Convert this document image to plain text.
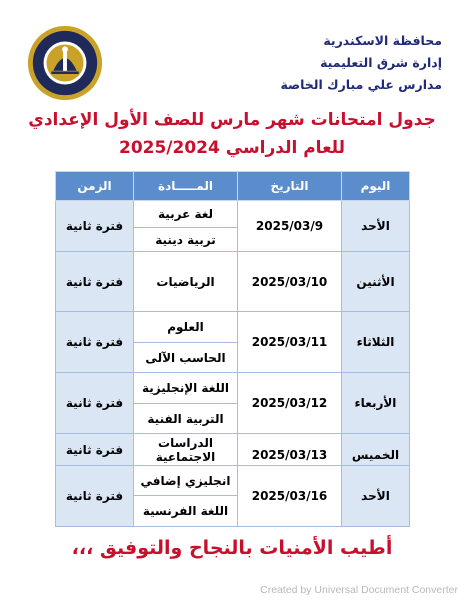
محافظة الاسكندرية
إدارة شرق التعليمية
مدارس علي مبارك الخاصة
جدول امتحانات شهر مارس للصف الأول الإعدادي
للعام الدراسي 2025/2024
اليوم	التاريخ	المـــــادة	الزمن
الأحد	2025/03/9	لغة عربية	فترة ثانية
		تربية دينية	
الأثنين	2025/03/10	الرياضيات	فترة ثانية
الثلاثاء	2025/03/11	العلوم	فترة ثانية
		الحاسب الآلى	
الأربعاء	2025/03/12	اللغة الإنجليزية	فترة ثانية
		التربية الفنية	
الخميس	2025/03/13	الدراسات الاجتماعية	فترة ثانية
الأحد	2025/03/16	انجليزي إضافي	فترة ثانية
		اللغة الفرنسية	
أطيب الأمنيات بالنجاح والتوفيق ،،،
Created by Universal Document Converter
